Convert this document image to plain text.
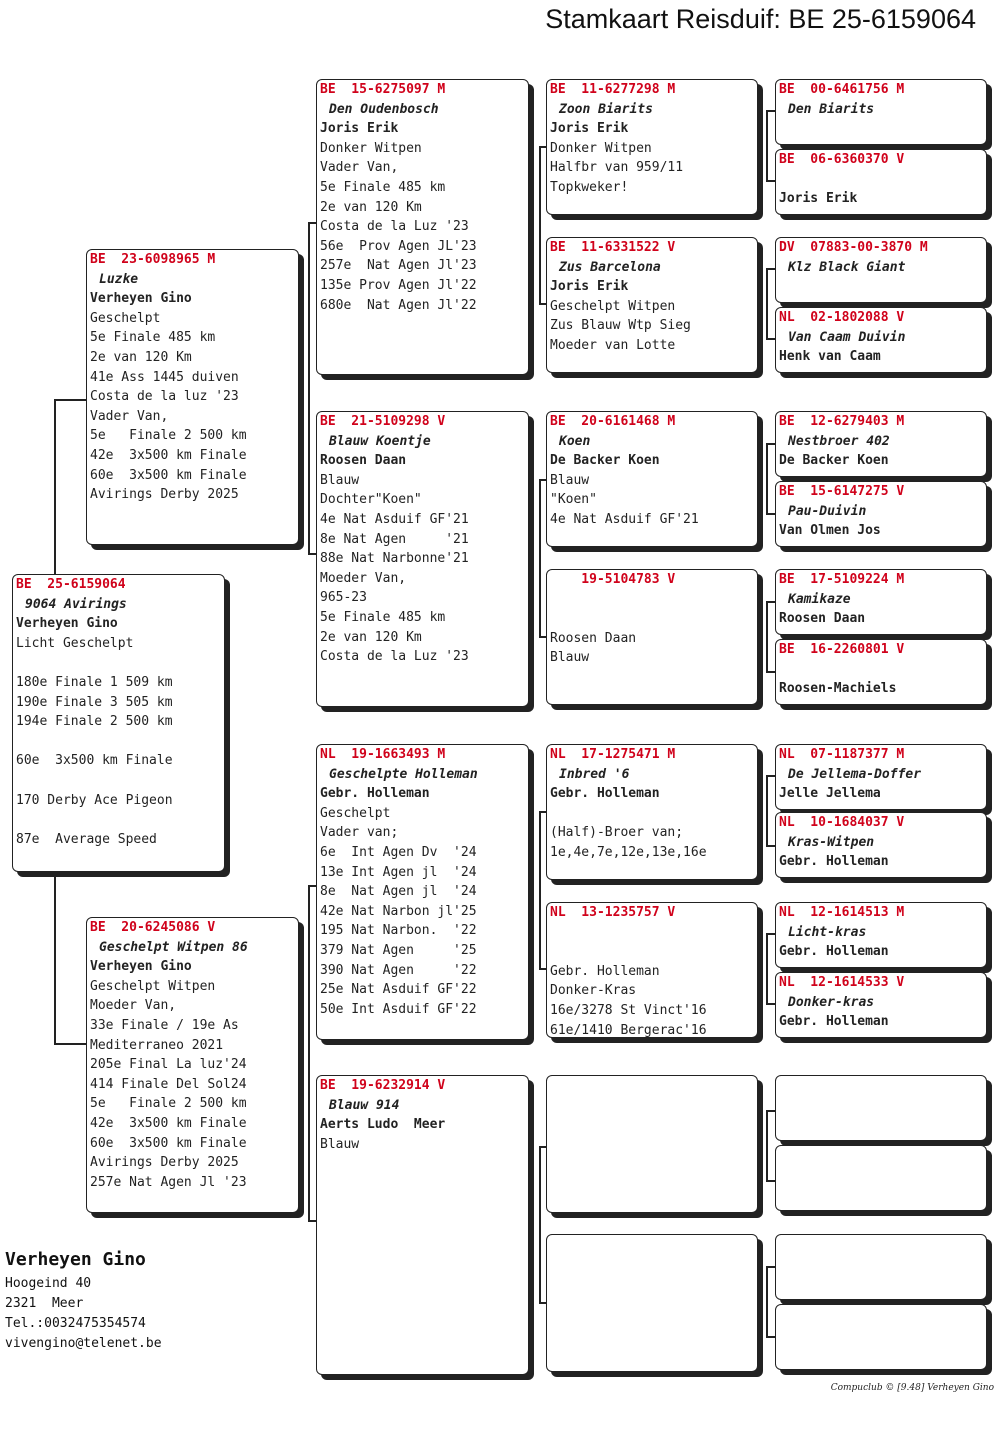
Stamkaart Reisduif: BE 25-6159064
BE  25-6159064
9064 Avirings
Verheyen Gino
Licht Geschelpt
180e Finale 1 509 km
190e Finale 3 505 km
194e Finale 2 500 km
60e  3x500 km Finale
170 Derby Ace Pigeon
87e  Average Speed
BE  23-6098965 M
Luzke
Verheyen Gino
Geschelpt
5e Finale 485 km
2e van 120 Km
41e Ass 1445 duiven
Costa de la luz '23
Vader Van,
5e   Finale 2 500 km
42e  3x500 km Finale
60e  3x500 km Finale
Avirings Derby 2025
BE  20-6245086 V
Geschelpt Witpen 86
Verheyen Gino
Geschelpt Witpen
Moeder Van,
33e Finale / 19e As
Mediterraneo 2021
205e Final La luz'24
414 Finale Del Sol24
5e   Finale 2 500 km
42e  3x500 km Finale
60e  3x500 km Finale
Avirings Derby 2025
257e Nat Agen Jl '23
BE  15-6275097 M
Den Oudenbosch
Joris Erik
Donker Witpen
Vader Van,
5e Finale 485 km
2e van 120 Km
Costa de la Luz '23
56e  Prov Agen JL'23
257e  Nat Agen Jl'23
135e Prov Agen Jl'22
680e  Nat Agen Jl'22
BE  21-5109298 V
Blauw Koentje
Roosen Daan
Blauw
Dochter"Koen"
4e Nat Asduif GF'21
8e Nat Agen     '21
88e Nat Narbonne'21
Moeder Van,
965-23
5e Finale 485 km
2e van 120 Km
Costa de la Luz '23
NL  19-1663493 M
Geschelpte Holleman
Gebr. Holleman
Geschelpt
Vader van;
6e  Int Agen Dv  '24
13e Int Agen jl  '24
8e  Nat Agen jl  '24
42e Nat Narbon jl'25
195 Nat Narbon.  '22
379 Nat Agen     '25
390 Nat Agen     '22
25e Nat Asduif GF'22
50e Int Asduif GF'22
BE  19-6232914 V
Blauw 914
Aerts Ludo  Meer
Blauw
BE  11-6277298 M
Zoon Biarits
Joris Erik
Donker Witpen
Halfbr van 959/11
Topkweker!
BE  11-6331522 V
Zus Barcelona
Joris Erik
Geschelpt Witpen
Zus Blauw Wtp Sieg
Moeder van Lotte
BE  20-6161468 M
Koen
De Backer Koen
Blauw
"Koen"
4e Nat Asduif GF'21
19-5104783 V
Roosen Daan
Blauw
NL  17-1275471 M
Inbred '6
Gebr. Holleman
(Half)-Broer van;
1e,4e,7e,12e,13e,16e
NL  13-1235757 V
Gebr. Holleman
Donker-Kras
16e/3278 St Vinct'16
61e/1410 Bergerac'16
BE  00-6461756 M
Den Biarits
BE  06-6360370 V
Joris Erik
DV  07883-00-3870 M
Klz Black Giant
NL  02-1802088 V
Van Caam Duivin
Henk van Caam
BE  12-6279403 M
Nestbroer 402
De Backer Koen
BE  15-6147275 V
Pau-Duivin
Van Olmen Jos
BE  17-5109224 M
Kamikaze
Roosen Daan
BE  16-2260801 V
Roosen-Machiels
NL  07-1187377 M
De Jellema-Doffer
Jelle Jellema
NL  10-1684037 V
Kras-Witpen
Gebr. Holleman
NL  12-1614513 M
Licht-kras
Gebr. Holleman
NL  12-1614533 V
Donker-kras
Gebr. Holleman
Verheyen Gino
Hoogeind 40
2321  Meer
Tel.:0032475354574
vivengino@telenet.be
Compuclub © [9.48] Verheyen Gino
